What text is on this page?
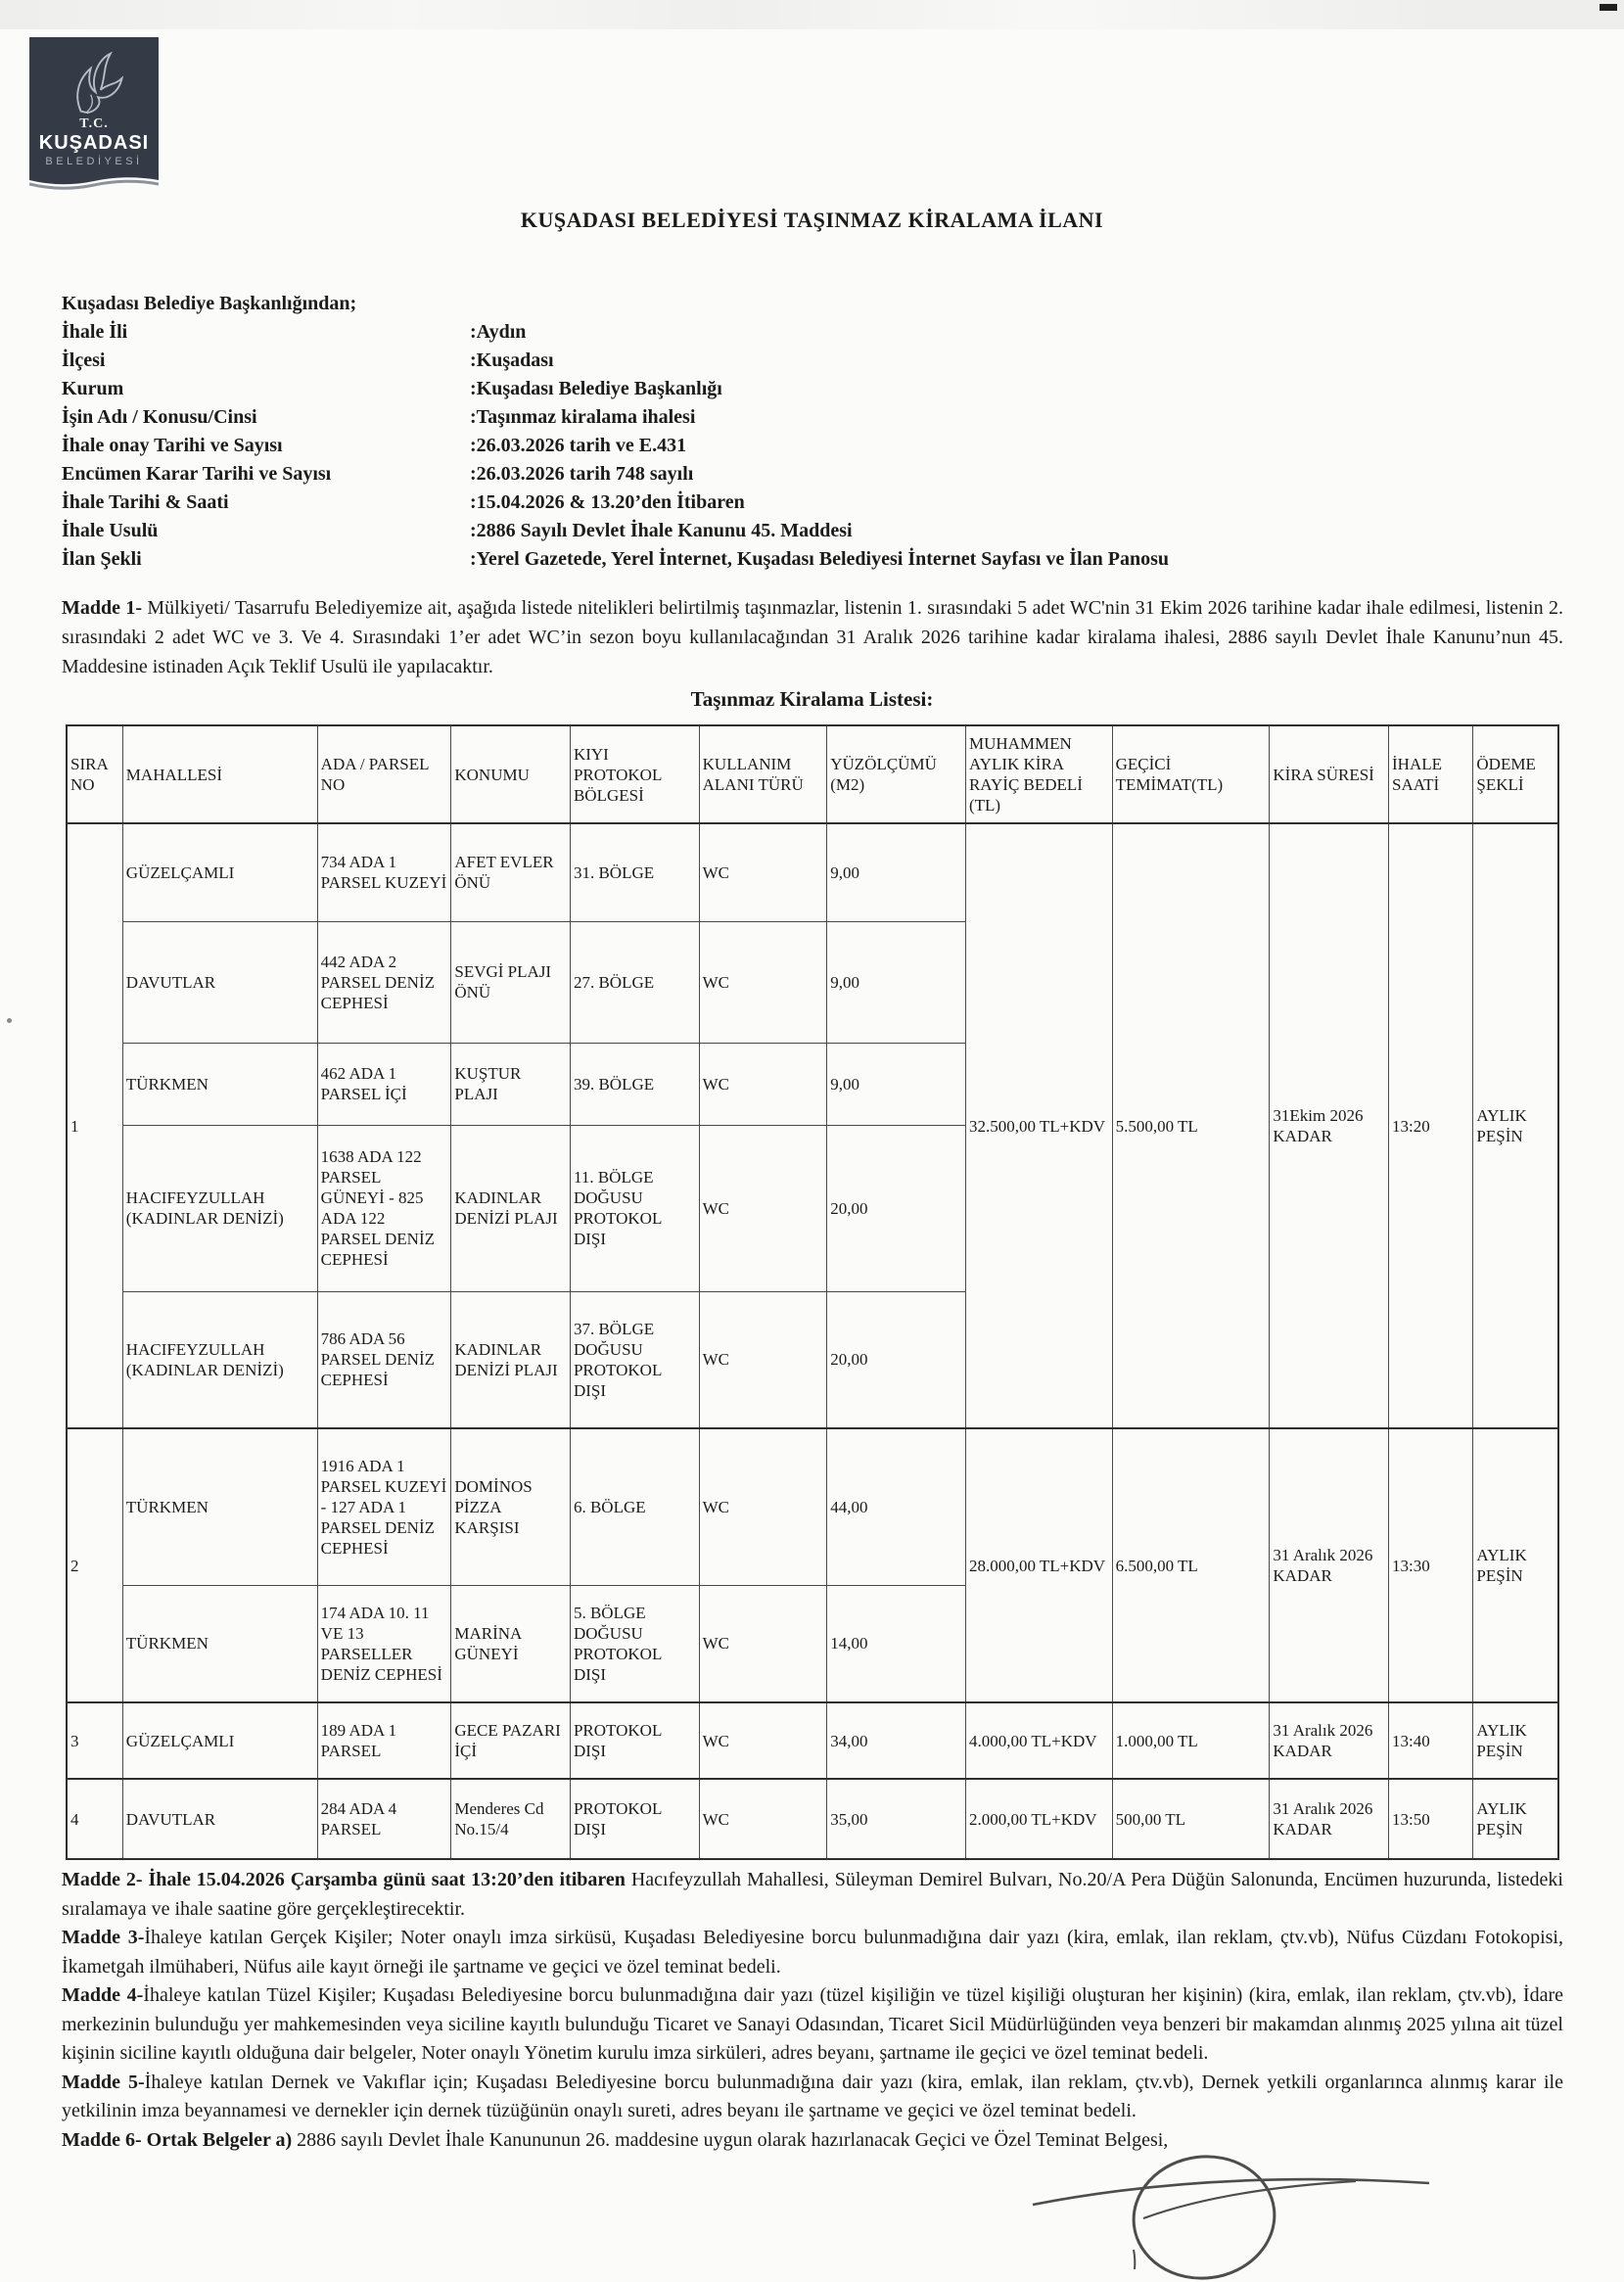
T.C.
KUŞADASI
BELEDİYESİ
KUŞADASI BELEDİYESİ TAŞINMAZ KİRALAMA İLANI
Kuşadası Belediye Başkanlığından;
İhale İli	:Aydın
İlçesi	:Kuşadası
Kurum	:Kuşadası Belediye Başkanlığı
İşin Adı / Konusu/Cinsi	:Taşınmaz kiralama ihalesi
İhale onay Tarihi ve Sayısı	:26.03.2026 tarih ve E.431
Encümen Karar Tarihi ve Sayısı	:26.03.2026 tarih 748 sayılı
İhale Tarihi & Saati	:15.04.2026 & 13.20’den İtibaren
İhale Usulü	:2886 Sayılı Devlet İhale Kanunu 45. Maddesi
İlan Şekli	:Yerel Gazetede, Yerel İnternet, Kuşadası Belediyesi İnternet Sayfası ve İlan Panosu
Madde 1- Mülkiyeti/ Tasarrufu Belediyemize ait, aşağıda listede nitelikleri belirtilmiş taşınmazlar, listenin 1. sırasındaki 5 adet WC'nin 31 Ekim 2026 tarihine kadar ihale edilmesi, listenin 2. sırasındaki 2 adet WC ve 3. Ve 4. Sırasındaki 1’er adet WC’in sezon boyu kullanılacağından 31 Aralık 2026 tarihine kadar kiralama ihalesi, 2886 sayılı Devlet İhale Kanunu’nun 45. Maddesine istinaden Açık Teklif Usulü ile yapılacaktır.
Taşınmaz Kiralama Listesi:
SIRA NO	MAHALLESİ	ADA / PARSEL NO	KONUMU	KIYI PROTOKOL BÖLGESİ	KULLANIM ALANI TÜRÜ	YÜZÖLÇÜMÜ (M2)	MUHAMMEN AYLIK KİRA RAYİÇ BEDELİ (TL)	GEÇİCİ TEMİMAT(TL)	KİRA SÜRESİ	İHALE SAATİ	ÖDEME ŞEKLİ
1	GÜZELÇAMLI	734 ADA 1 PARSEL KUZEYİ	AFET EVLER ÖNÜ	31. BÖLGE	WC	9,00	32.500,00 TL+KDV	5.500,00 TL	31Ekim 2026 KADAR	13:20	AYLIK PEŞİN
	DAVUTLAR	442 ADA 2 PARSEL DENİZ CEPHESİ	SEVGİ PLAJI ÖNÜ	27. BÖLGE	WC	9,00					
	TÜRKMEN	462 ADA 1 PARSEL İÇİ	KUŞTUR PLAJI	39. BÖLGE	WC	9,00					
	HACIFEYZULLAH (KADINLAR DENİZİ)	1638 ADA 122 PARSEL GÜNEYİ - 825 ADA 122 PARSEL DENİZ CEPHESİ	KADINLAR DENİZİ PLAJI	11. BÖLGE DOĞUSU PROTOKOL DIŞI	WC	20,00					
	HACIFEYZULLAH (KADINLAR DENİZİ)	786 ADA 56 PARSEL DENİZ CEPHESİ	KADINLAR DENİZİ PLAJI	37. BÖLGE DOĞUSU PROTOKOL DIŞI	WC	20,00					
2	TÜRKMEN	1916 ADA 1 PARSEL KUZEYİ - 127 ADA 1 PARSEL DENİZ CEPHESİ	DOMİNOS PİZZA KARŞISI	6. BÖLGE	WC	44,00	28.000,00 TL+KDV	6.500,00 TL	31 Aralık 2026 KADAR	13:30	AYLIK PEŞİN
	TÜRKMEN	174 ADA 10. 11 VE 13 PARSELLER DENİZ CEPHESİ	MARİNA GÜNEYİ	5. BÖLGE DOĞUSU PROTOKOL DIŞI	WC	14,00					
3	GÜZELÇAMLI	189 ADA 1 PARSEL	GECE PAZARI İÇİ	PROTOKOL DIŞI	WC	34,00	4.000,00 TL+KDV	1.000,00 TL	31 Aralık 2026 KADAR	13:40	AYLIK PEŞİN
4	DAVUTLAR	284 ADA 4 PARSEL	Menderes Cd No.15/4	PROTOKOL DIŞI	WC	35,00	2.000,00 TL+KDV	500,00 TL	31 Aralık 2026 KADAR	13:50	AYLIK PEŞİN

Madde 2- İhale 15.04.2026 Çarşamba günü saat 13:20’den itibaren Hacıfeyzullah Mahallesi, Süleyman Demirel Bulvarı, No.20/A Pera Düğün Salonunda, Encümen huzurunda, listedeki sıralamaya ve ihale saatine göre gerçekleştirecektir.

Madde 3-İhaleye katılan Gerçek Kişiler; Noter onaylı imza sirküsü, Kuşadası Belediyesine borcu bulunmadığına dair yazı (kira, emlak, ilan reklam, çtv.vb), Nüfus Cüzdanı Fotokopisi, İkametgah ilmühaberi, Nüfus aile kayıt örneği ile şartname ve geçici ve özel teminat bedeli.

Madde 4-İhaleye katılan Tüzel Kişiler; Kuşadası Belediyesine borcu bulunmadığına dair yazı (tüzel kişiliğin ve tüzel kişiliği oluşturan her kişinin) (kira, emlak, ilan reklam, çtv.vb), İdare merkezinin bulunduğu yer mahkemesinden veya siciline kayıtlı bulunduğu Ticaret ve Sanayi Odasından, Ticaret Sicil Müdürlüğünden veya benzeri bir makamdan alınmış 2025 yılına ait tüzel kişinin siciline kayıtlı olduğuna dair belgeler, Noter onaylı Yönetim kurulu imza sirküleri, adres beyanı, şartname ile geçici ve özel teminat bedeli.

Madde 5-İhaleye katılan Dernek ve Vakıflar için; Kuşadası Belediyesine borcu bulunmadığına dair yazı (kira, emlak, ilan reklam, çtv.vb), Dernek yetkili organlarınca alınmış karar ile yetkilinin imza beyannamesi ve dernekler için dernek tüzüğünün onaylı sureti, adres beyanı ile şartname ve geçici ve özel teminat bedeli.

Madde 6- Ortak Belgeler a) 2886 sayılı Devlet İhale Kanununun 26. maddesine uygun olarak hazırlanacak Geçici ve Özel Teminat Belgesi,
